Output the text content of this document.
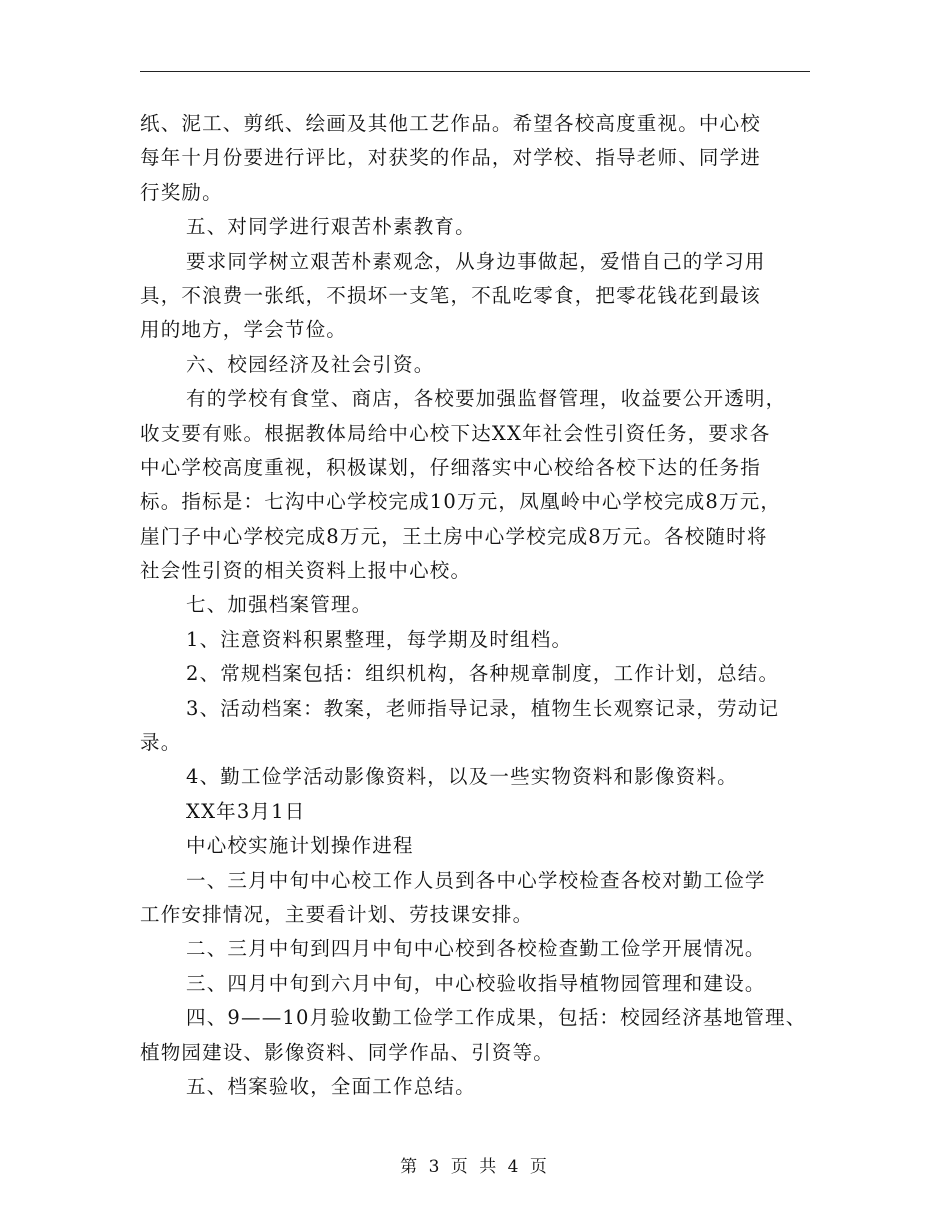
纸、泥工、剪纸、绘画及其他工艺作品。希望各校高度重视。中心校
每年十月份要进行评比，对获奖的作品，对学校、指导老师、同学进
行奖励。
五、对同学进行艰苦朴素教育。
要求同学树立艰苦朴素观念，从身边事做起，爱惜自己的学习用
具，不浪费一张纸，不损坏一支笔，不乱吃零食，把零花钱花到最该
用的地方，学会节俭。
六、校园经济及社会引资。
有的学校有食堂、商店，各校要加强监督管理，收益要公开透明，
收支要有账。根据教体局给中心校下达XX年社会性引资任务，要求各
中心学校高度重视，积极谋划，仔细落实中心校给各校下达的任务指
标。指标是：七沟中心学校完成10万元，凤凰岭中心学校完成8万元，
崖门子中心学校完成8万元，王土房中心学校完成8万元。各校随时将
社会性引资的相关资料上报中心校。
七、加强档案管理。
1、注意资料积累整理，每学期及时组档。
2、常规档案包括：组织机构，各种规章制度，工作计划，总结。
3、活动档案：教案，老师指导记录，植物生长观察记录，劳动记
录。
4、勤工俭学活动影像资料，以及一些实物资料和影像资料。
XX年3月1日
中心校实施计划操作进程
一、三月中旬中心校工作人员到各中心学校检查各校对勤工俭学
工作安排情况，主要看计划、劳技课安排。
二、三月中旬到四月中旬中心校到各校检查勤工俭学开展情况。
三、四月中旬到六月中旬，中心校验收指导植物园管理和建设。
四、9——10月验收勤工俭学工作成果，包括：校园经济基地管理、
植物园建设、影像资料、同学作品、引资等。
五、档案验收，全面工作总结。
第 3 页 共 4 页
